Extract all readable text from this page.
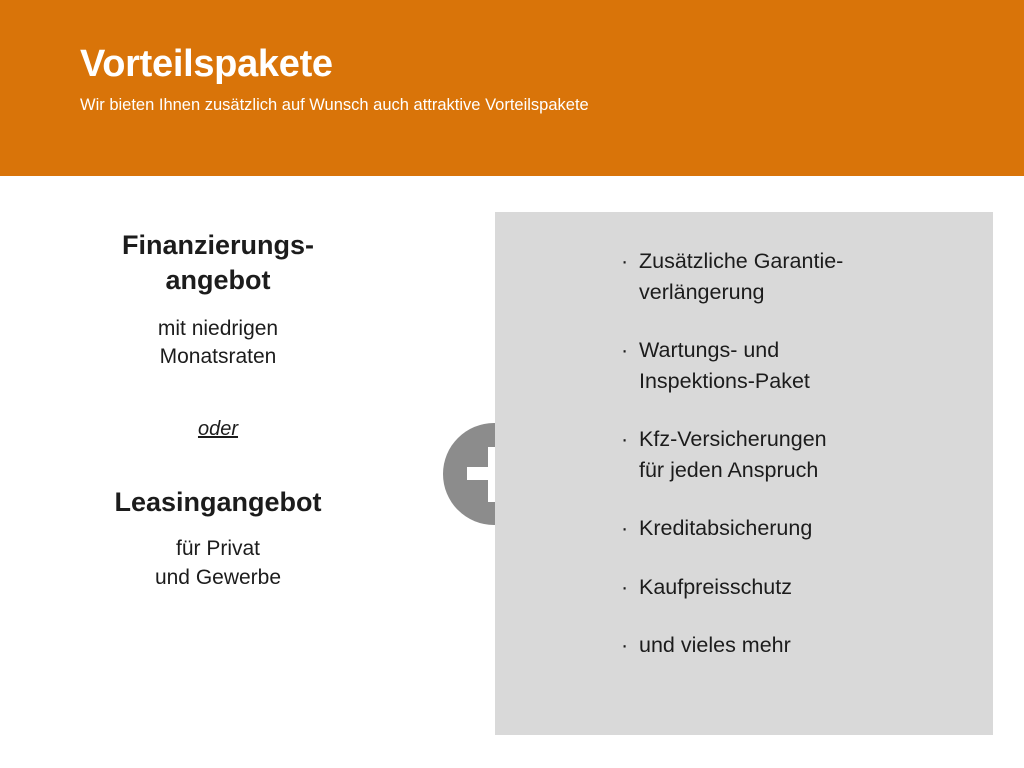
Vorteilspakete

Wir bieten Ihnen zusätzlich auf Wunsch auch attraktive Vorteilspakete

Finanzierungs-
angebot
mit niedrigen
Monatsraten
oder
Leasingangebot
für Privat
und Gewerbe
· Zusätzliche Garantie-
verlängerung
· Wartungs- und
Inspektions-Paket
· Kfz-Versicherungen
für jeden Anspruch
· Kreditabsicherung
· Kaufpreisschutz
· und vieles mehr
